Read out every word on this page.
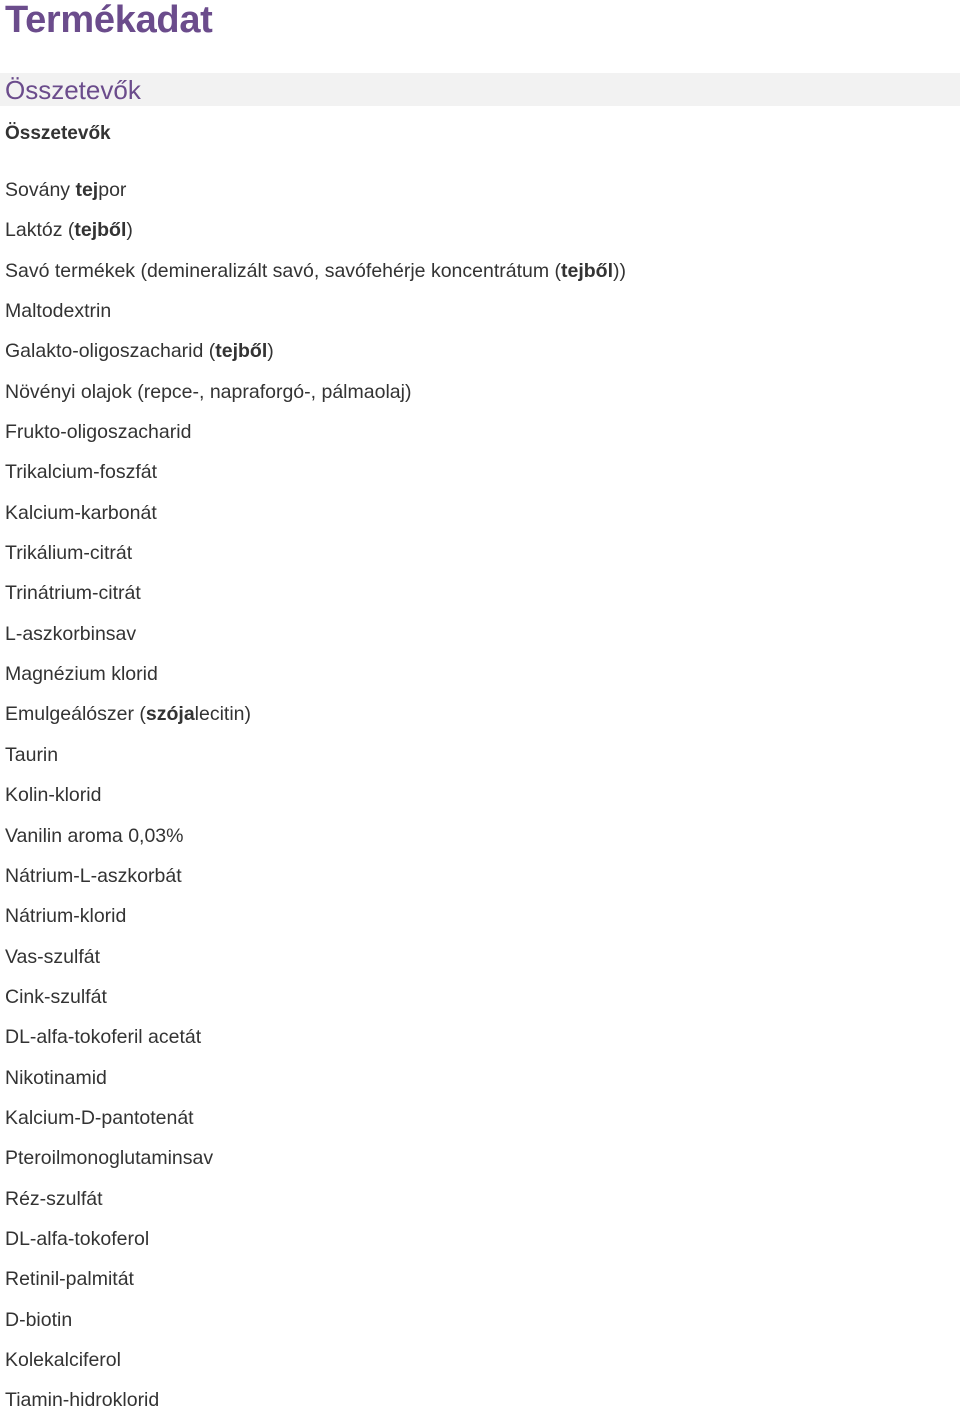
Termékadat
Összetevők
Összetevők
Sovány tejpor
Laktóz (tejből)
Savó termékek (demineralizált savó, savófehérje koncentrátum (tejből))
Maltodextrin
Galakto-oligoszacharid (tejből)
Növényi olajok (repce-, napraforgó-, pálmaolaj)
Frukto-oligoszacharid
Trikalcium-foszfát
Kalcium-karbonát
Trikálium-citrát
Trinátrium-citrát
L-aszkorbinsav
Magnézium klorid
Emulgeálószer (szójalecitin)
Taurin
Kolin-klorid
Vanilin aroma 0,03%
Nátrium-L-aszkorbát
Nátrium-klorid
Vas-szulfát
Cink-szulfát
DL-alfa-tokoferil acetát
Nikotinamid
Kalcium-D-pantotenát
Pteroilmonoglutaminsav
Réz-szulfát
DL-alfa-tokoferol
Retinil-palmitát
D-biotin
Kolekalciferol
Tiamin-hidroklorid
